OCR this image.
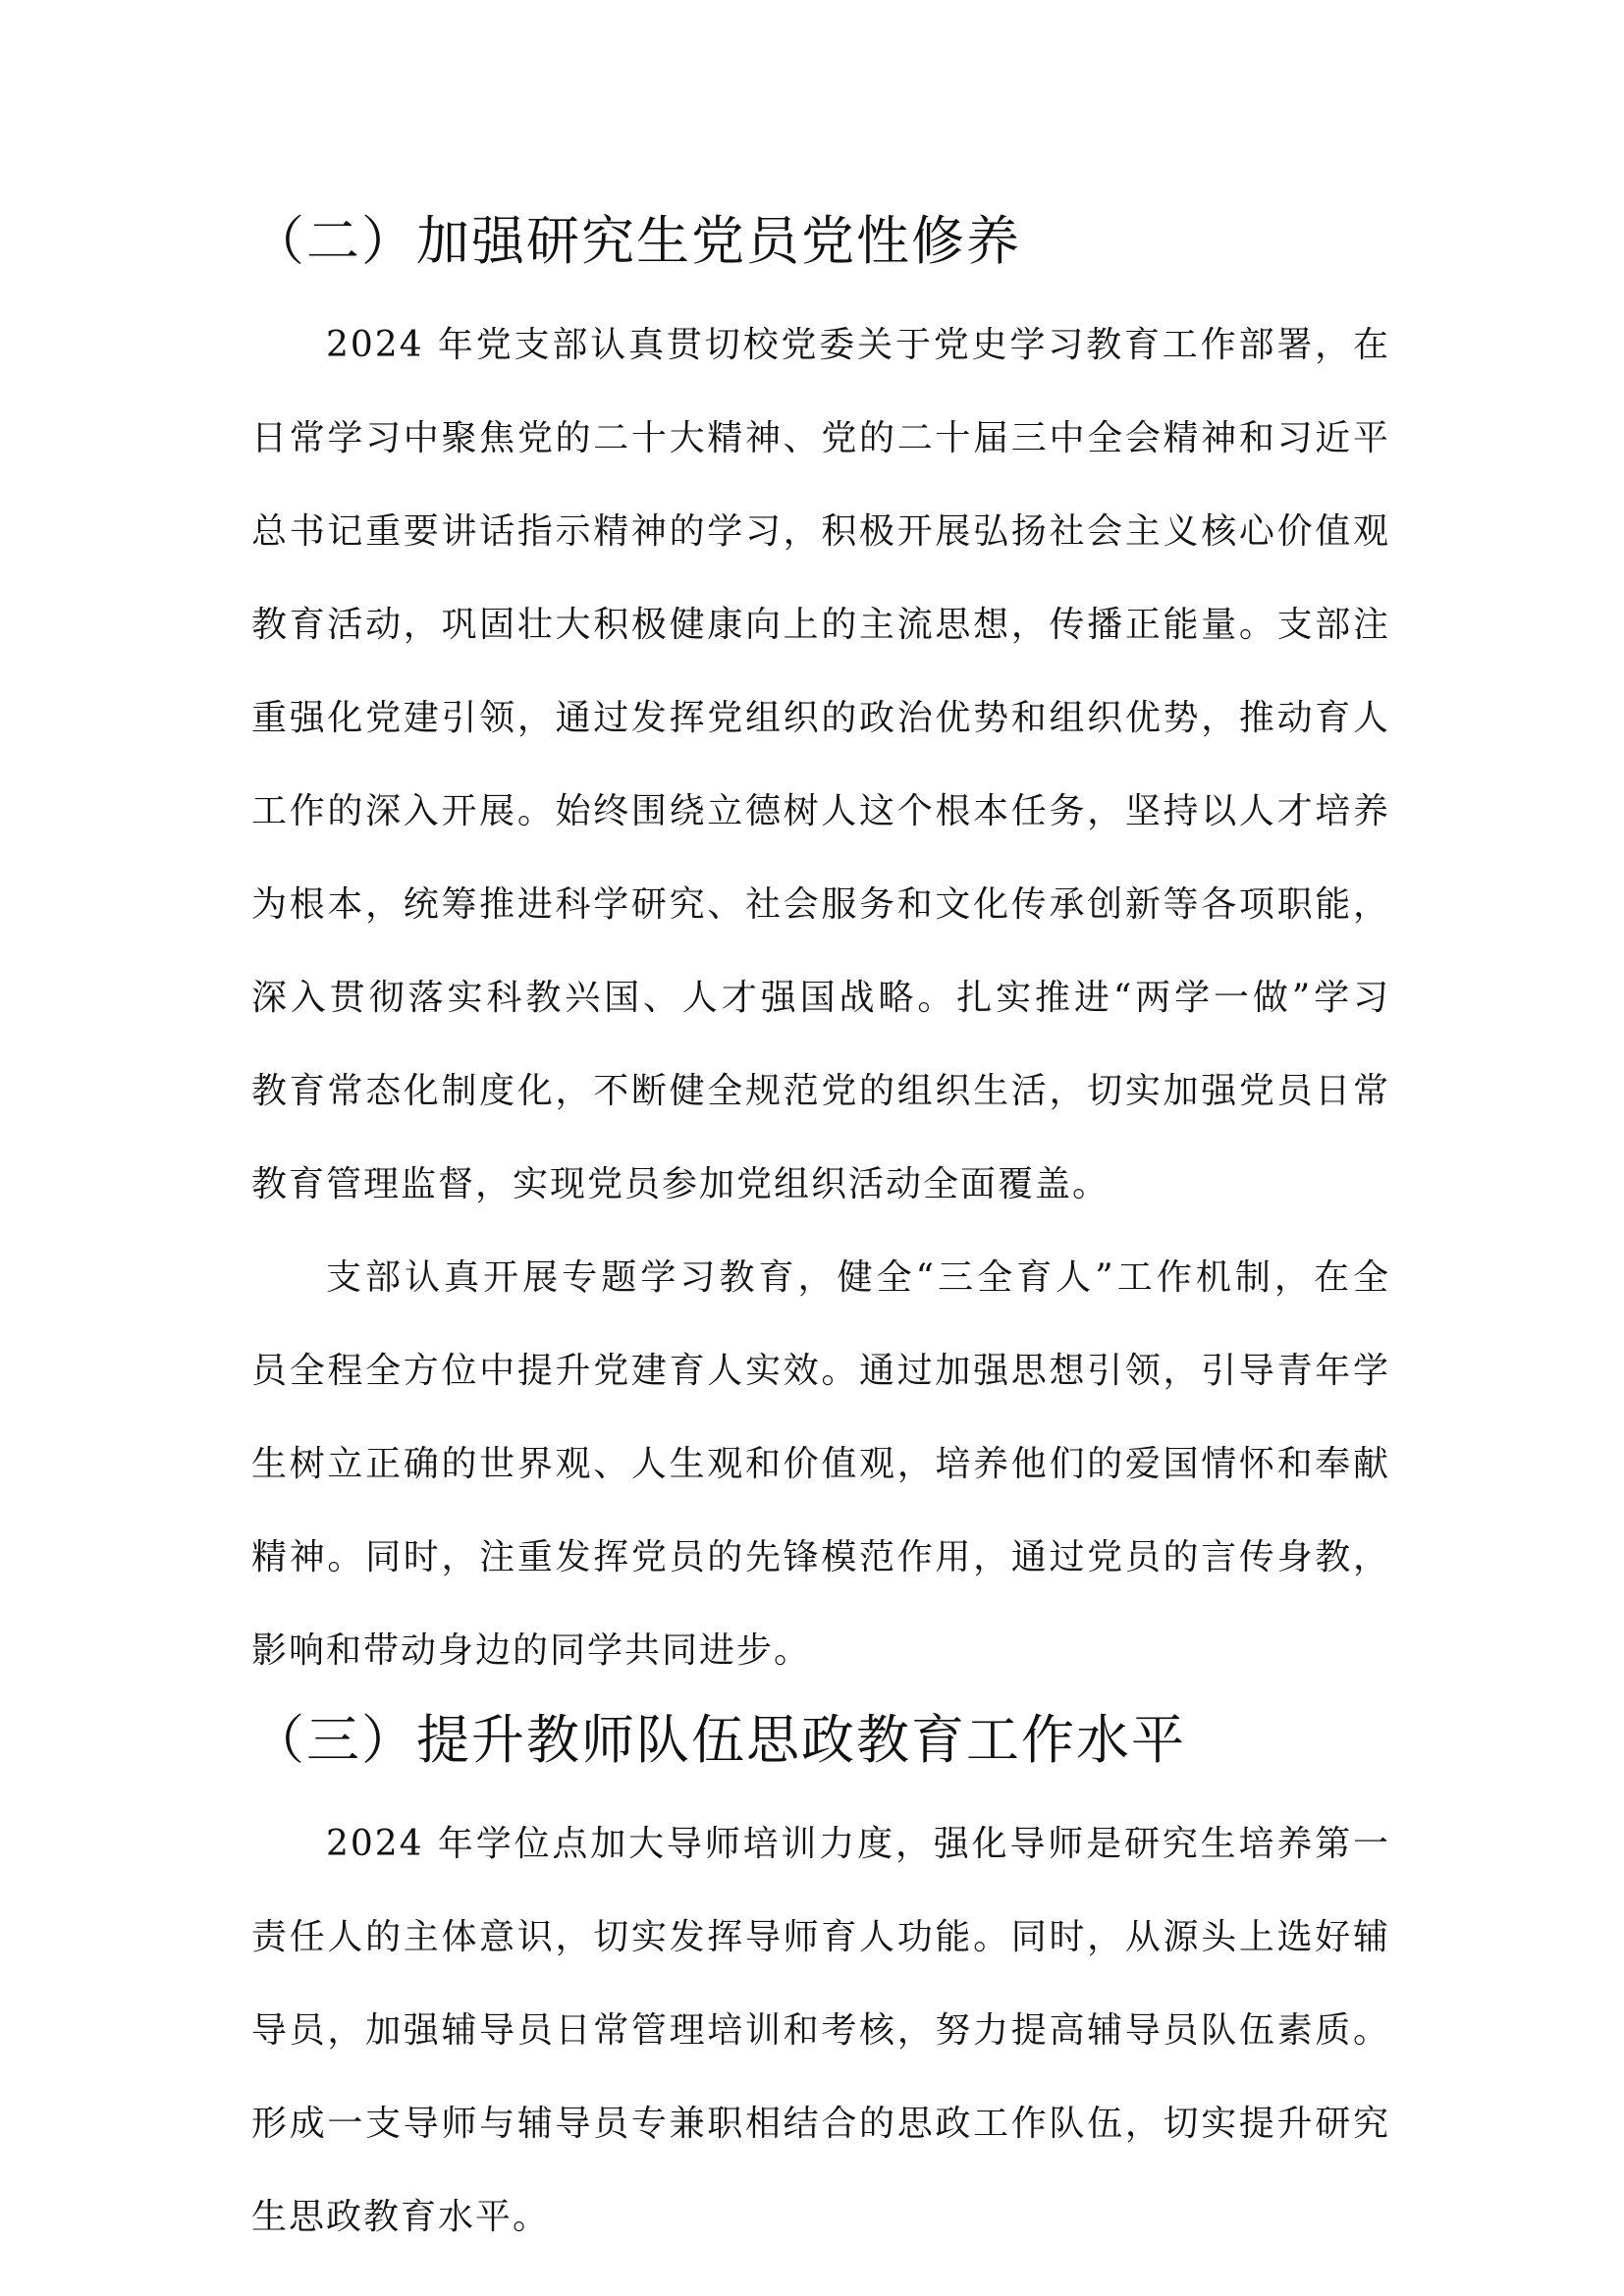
（二）加强研究生党员党性修养
2024 年党支部认真贯切校党委关于党史学习教育工作部署，在
日常学习中聚焦党的二十大精神、党的二十届三中全会精神和习近平
总书记重要讲话指示精神的学习，积极开展弘扬社会主义核心价值观
教育活动，巩固壮大积极健康向上的主流思想，传播正能量。支部注
重强化党建引领，通过发挥党组织的政治优势和组织优势，推动育人
工作的深入开展。始终围绕立德树人这个根本任务，坚持以人才培养
为根本，统筹推进科学研究、社会服务和文化传承创新等各项职能，
深入贯彻落实科教兴国、人才强国战略。扎实推进“两学一做”学习
教育常态化制度化，不断健全规范党的组织生活，切实加强党员日常
教育管理监督，实现党员参加党组织活动全面覆盖。
支部认真开展专题学习教育，健全“三全育人”工作机制，在全
员全程全方位中提升党建育人实效。通过加强思想引领，引导青年学
生树立正确的世界观、人生观和价值观，培养他们的爱国情怀和奉献
精神。同时，注重发挥党员的先锋模范作用，通过党员的言传身教，
影响和带动身边的同学共同进步。
（三）提升教师队伍思政教育工作水平
2024 年学位点加大导师培训力度，强化导师是研究生培养第一
责任人的主体意识，切实发挥导师育人功能。同时，从源头上选好辅
导员，加强辅导员日常管理培训和考核，努力提高辅导员队伍素质。
形成一支导师与辅导员专兼职相结合的思政工作队伍，切实提升研究
生思政教育水平。
